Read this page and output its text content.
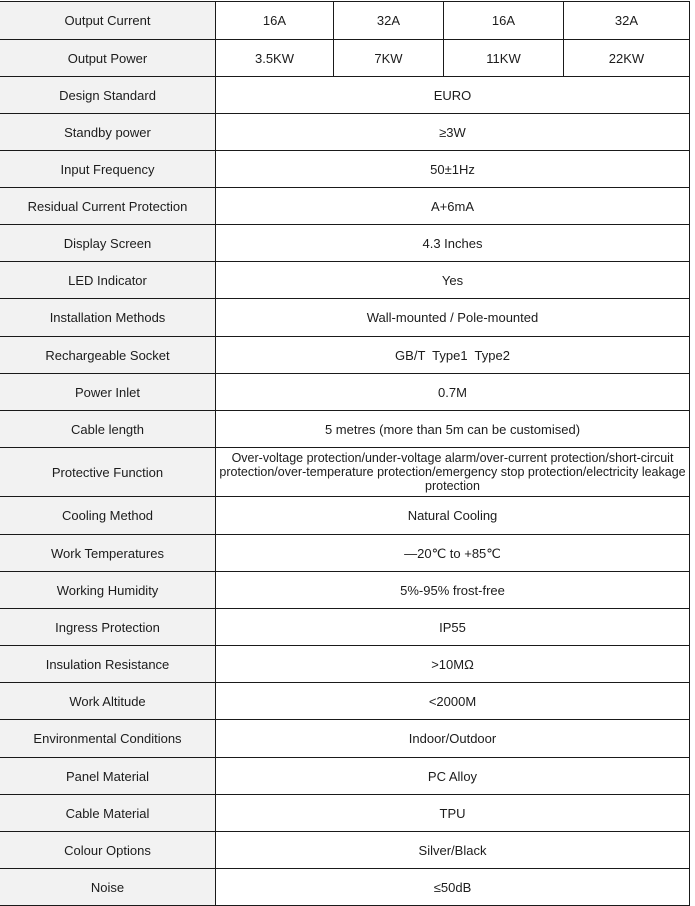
Output Current	16A	32A	16A	32A
Output Power	3.5KW	7KW	11KW	22KW
Design Standard	EURO			
Standby power	≥3W			
Input Frequency	50±1Hz			
Residual Current Protection	A+6mA			
Display Screen	4.3 Inches			
LED Indicator	Yes			
Installation Methods	Wall-mounted / Pole-mounted			
Rechargeable Socket	GB/T  Type1  Type2			
Power Inlet	0.7M			
Cable length	5 metres (more than 5m can be customised)			
Protective Function	Over-voltage protection/under-voltage alarm/over-current protection/short-circuit protection/over-temperature protection/emergency stop protection/electricity leakage protection			
Cooling Method	Natural Cooling			
Work Temperatures	—20℃ to +85℃			
Working Humidity	5%-95% frost-free			
Ingress Protection	IP55			
Insulation Resistance	>10MΩ			
Work Altitude	<2000M			
Environmental Conditions	Indoor/Outdoor			
Panel Material	PC Alloy			
Cable Material	TPU			
Colour Options	Silver/Black			
Noise	≤50dB			
